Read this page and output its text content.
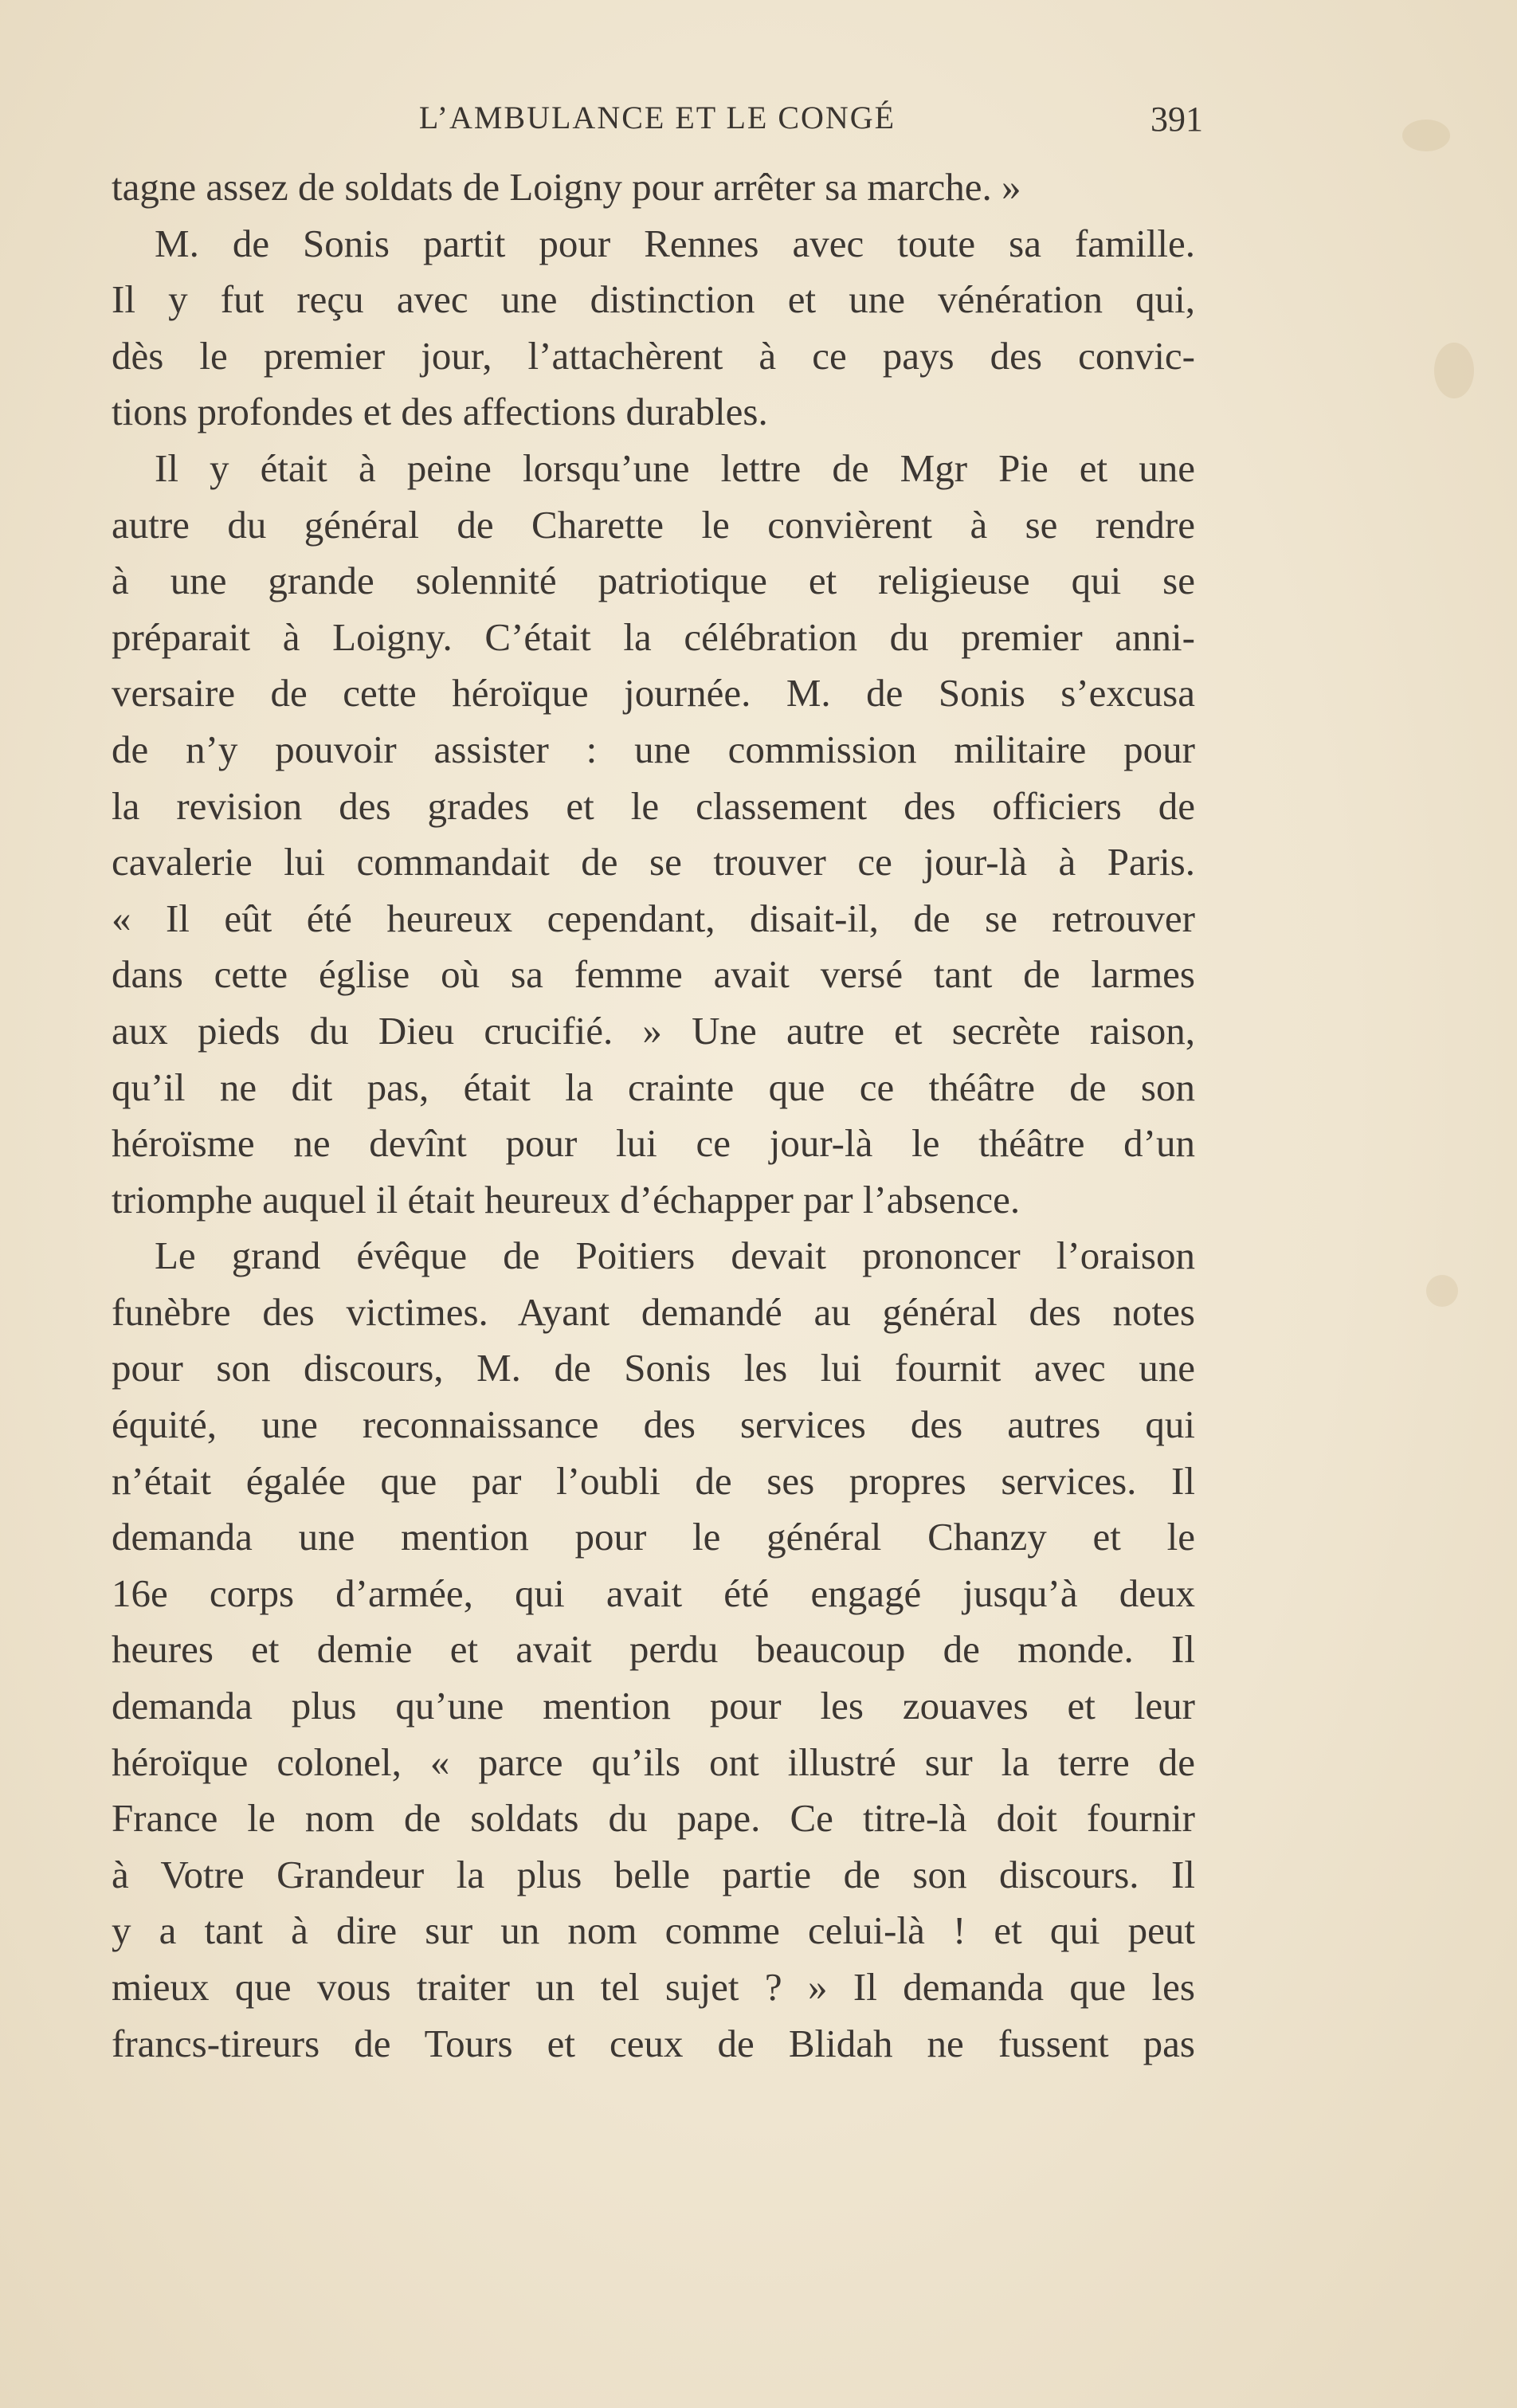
L’AMBULANCE ET LE CONGÉ	391
tagne assez de soldats de Loigny pour arrêter sa marche. »
M. de Sonis partit pour Rennes avec toute sa famille.
Il y fut reçu avec une distinction et une vénération qui,
dès le premier jour, l’attachèrent à ce pays des convic-
tions profondes et des affections durables.
Il y était à peine lorsqu’une lettre de Mgr Pie et une
autre du général de Charette le convièrent à se rendre
à une grande solennité patriotique et religieuse qui se
préparait à Loigny. C’était la célébration du premier anni-
versaire de cette héroïque journée. M. de Sonis s’excusa
de n’y pouvoir assister : une commission militaire pour
la revision des grades et le classement des officiers de
cavalerie lui commandait de se trouver ce jour-là à Paris.
« Il eût été heureux cependant, disait-il, de se retrouver
dans cette église où sa femme avait versé tant de larmes
aux pieds du Dieu crucifié. » Une autre et secrète raison,
qu’il ne dit pas, était la crainte que ce théâtre de son
héroïsme ne devînt pour lui ce jour-là le théâtre d’un
triomphe auquel il était heureux d’échapper par l’absence.
Le grand évêque de Poitiers devait prononcer l’oraison
funèbre des victimes. Ayant demandé au général des notes
pour son discours, M. de Sonis les lui fournit avec une
équité, une reconnaissance des services des autres qui
n’était égalée que par l’oubli de ses propres services. Il
demanda une mention pour le général Chanzy et le
16e corps d’armée, qui avait été engagé jusqu’à deux
heures et demie et avait perdu beaucoup de monde. Il
demanda plus qu’une mention pour les zouaves et leur
héroïque colonel, « parce qu’ils ont illustré sur la terre de
France le nom de soldats du pape. Ce titre-là doit fournir
à Votre Grandeur la plus belle partie de son discours. Il
y a tant à dire sur un nom comme celui-là ! et qui peut
mieux que vous traiter un tel sujet ? » Il demanda que les
francs-tireurs de Tours et ceux de Blidah ne fussent pas
